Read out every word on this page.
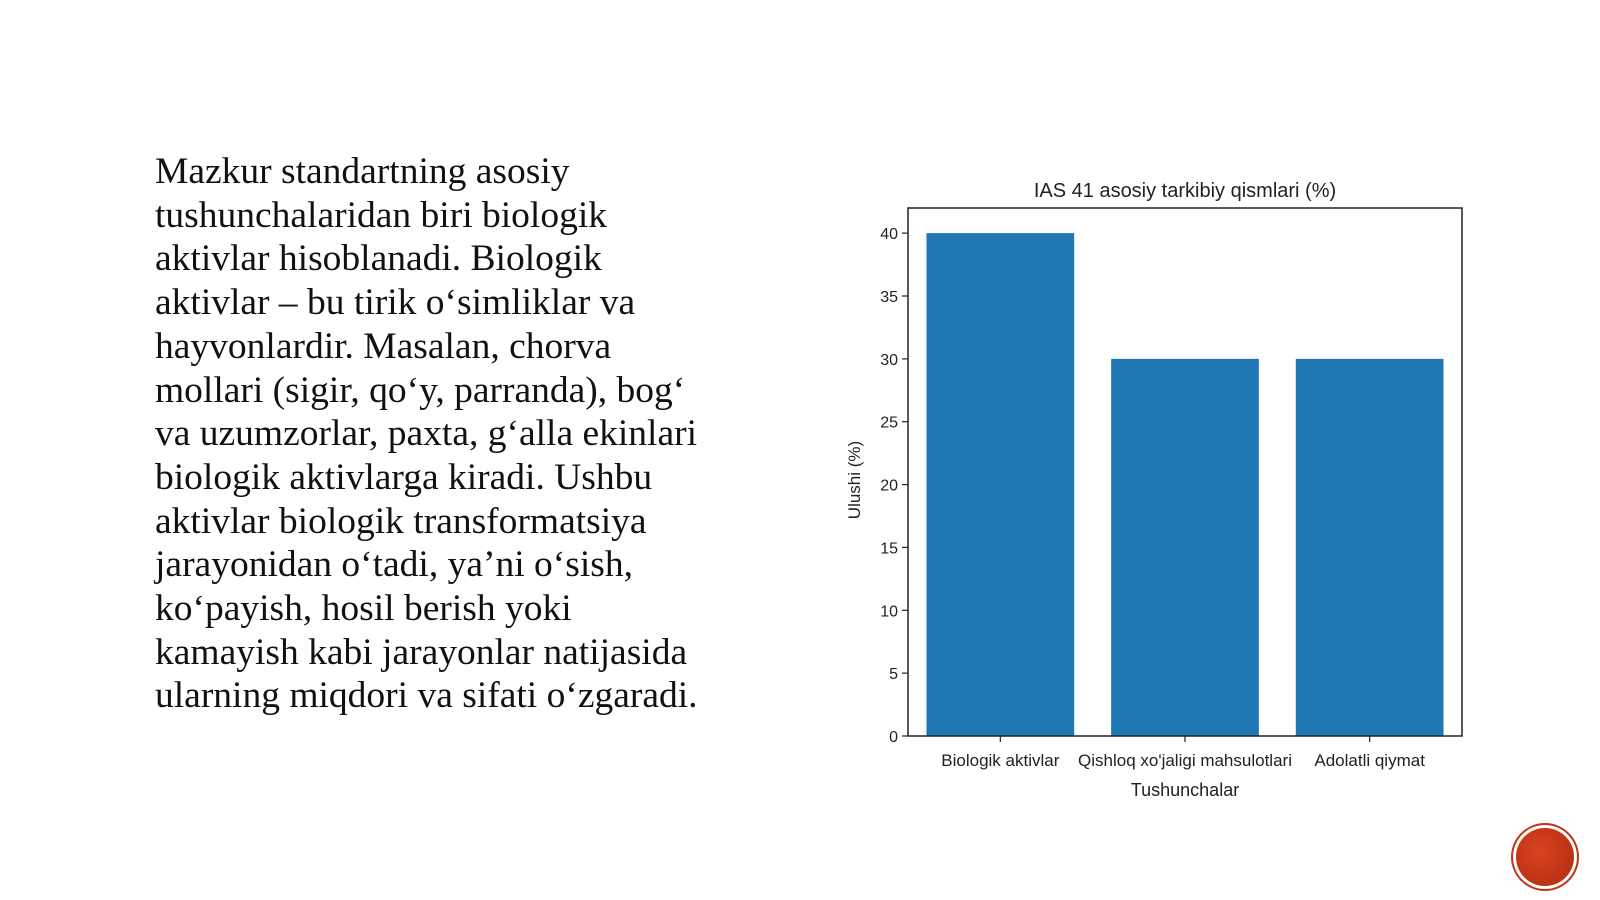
Mazkur standartning asosiy
tushunchalaridan biri biologik
aktivlar hisoblanadi. Biologik
aktivlar – bu tirik o‘simliklar va
hayvonlardir. Masalan, chorva
mollari (sigir, qo‘y, parranda), bog‘
va uzumzorlar, paxta, g‘alla ekinlari
biologik aktivlarga kiradi. Ushbu
aktivlar biologik transformatsiya
jarayonidan o‘tadi, ya’ni o‘sish,
ko‘payish, hosil berish yoki
kamayish kabi jarayonlar natijasida
ularning miqdori va sifati o‘zgaradi.

IAS 41 asosiy tarkibiy qismlari (%)
Ulushi (%)
Tushunchalar
Biologik aktivlar Qishloq xo'jaligi mahsulotlari Adolatli qiymat
0
5
10
15
20
25
30
35
40
